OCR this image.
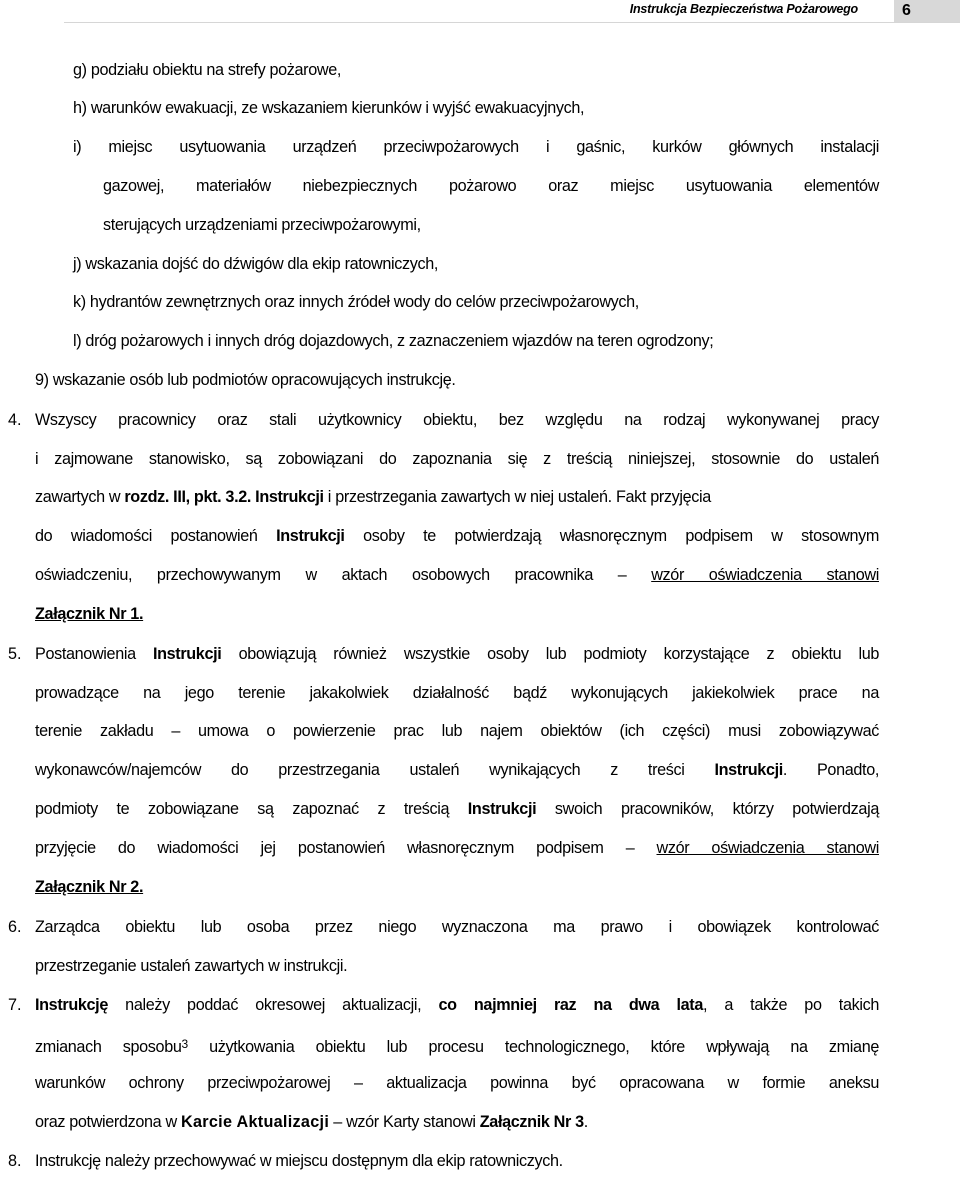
Instrukcja Bezpieczeństwa Pożarowego	6
g) podziału obiektu na strefy pożarowe,
h) warunków ewakuacji, ze wskazaniem kierunków i wyjść ewakuacyjnych,
i) miejsc usytuowania urządzeń przeciwpożarowych i gaśnic, kurków głównych instalacji
gazowej, materiałów niebezpiecznych pożarowo oraz miejsc usytuowania elementów
sterujących urządzeniami przeciwpożarowymi,
j) wskazania dojść do dźwigów dla ekip ratowniczych,
k) hydrantów zewnętrznych oraz innych źródeł wody do celów przeciwpożarowych,
l) dróg pożarowych i innych dróg dojazdowych, z zaznaczeniem wjazdów na teren ogrodzony;
9) wskazanie osób lub podmiotów opracowujących instrukcję.
4. Wszyscy pracownicy oraz stali użytkownicy obiektu, bez względu na rodzaj wykonywanej pracy
i zajmowane stanowisko, są zobowiązani do zapoznania się z treścią niniejszej, stosownie do ustaleń
zawartych w rozdz. III, pkt. 3.2. Instrukcji i przestrzegania zawartych w niej ustaleń. Fakt przyjęcia
do wiadomości postanowień Instrukcji osoby te potwierdzają własnoręcznym podpisem w stosownym
oświadczeniu, przechowywanym w aktach osobowych pracownika – wzór oświadczenia stanowi
Załącznik Nr 1.
5. Postanowienia Instrukcji obowiązują również wszystkie osoby lub podmioty korzystające z obiektu lub
prowadzące na jego terenie jakakolwiek działalność bądź wykonujących jakiekolwiek prace na
terenie zakładu – umowa o powierzenie prac lub najem obiektów (ich części) musi zobowiązywać
wykonawców/najemców do przestrzegania ustaleń wynikających z treści Instrukcji. Ponadto,
podmioty te zobowiązane są zapoznać z treścią Instrukcji swoich pracowników, którzy potwierdzają
przyjęcie do wiadomości jej postanowień własnoręcznym podpisem – wzór oświadczenia stanowi
Załącznik Nr 2.
6. Zarządca obiektu lub osoba przez niego wyznaczona ma prawo i obowiązek kontrolować
przestrzeganie ustaleń zawartych w instrukcji.
7. Instrukcję należy poddać okresowej aktualizacji, co najmniej raz na dwa lata, a także po takich
zmianach sposobu$^3$ użytkowania obiektu lub procesu technologicznego, które wpływają na zmianę
warunków ochrony przeciwpożarowej – aktualizacja powinna być opracowana w formie aneksu
oraz potwierdzona w Karcie Aktualizacji – wzór Karty stanowi Załącznik Nr 3.
8. Instrukcję należy przechowywać w miejscu dostępnym dla ekip ratowniczych.
